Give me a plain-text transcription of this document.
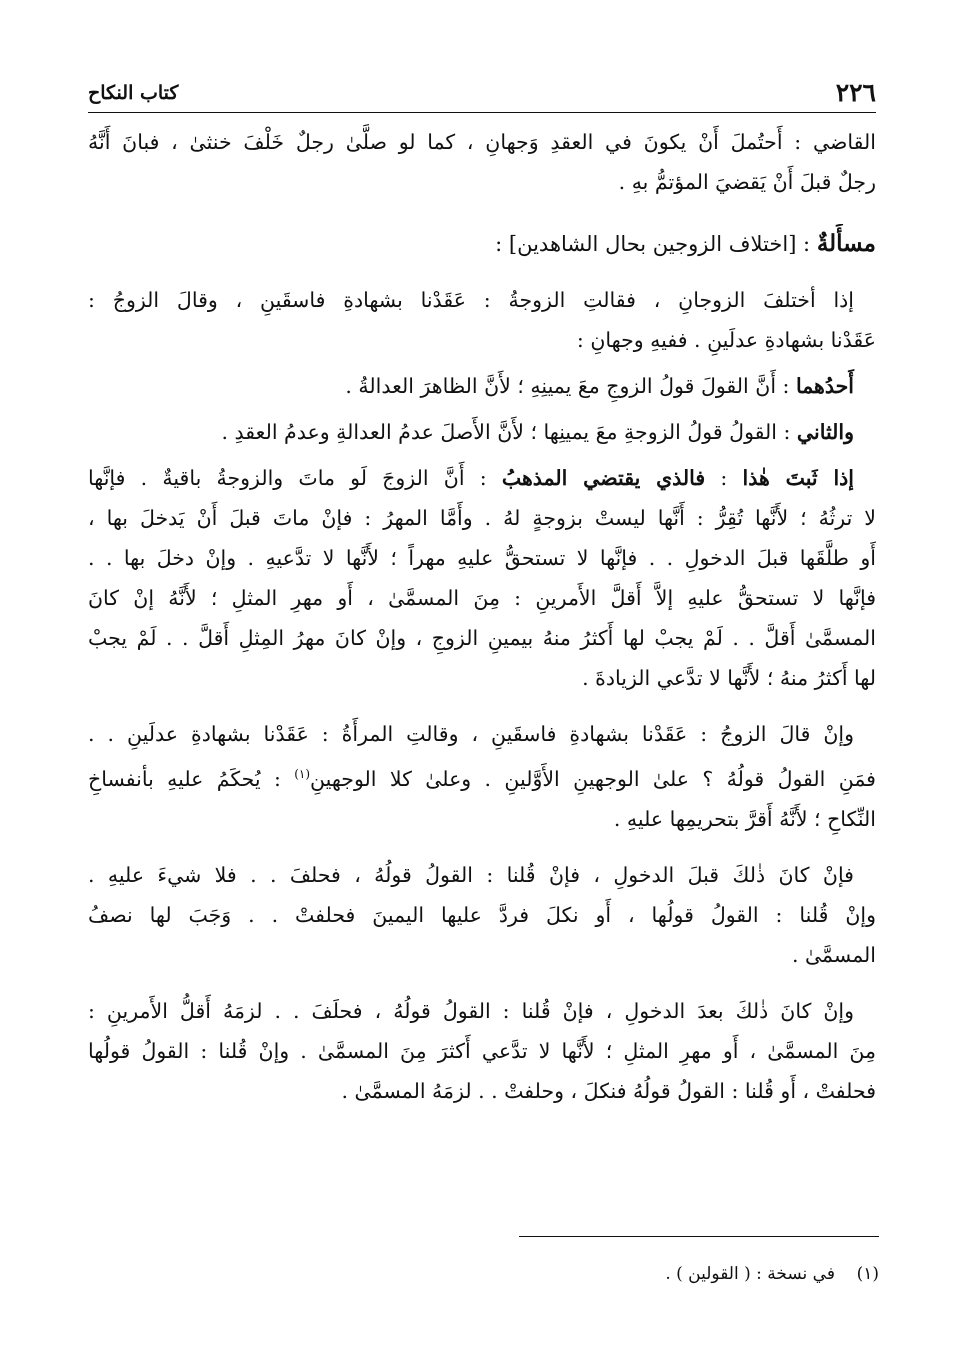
٢٢٦
كتاب النكاح
القاضي : أَحتُملَ أَنْ يكونَ في العقدِ وَجهانِ ، كما لو صلَّىٰ رجلٌ خَلْفَ خنثىٰ ، فبانَ أَنَّهُ
رجلٌ قبلَ أَنْ يَقضيَ المؤتمُّ بهِ .
مسأَلةٌ : [اختلاف الزوجين بحال الشاهدين] :
إذا أختلفَ الزوجانِ ، فقالتِ الزوجةُ : عَقَدْنا بشهادةِ فاسقَينِ ، وقالَ الزوجُ :
عَقَدْنا بشهادةِ عدلَينِ . ففيهِ وجهانِ :
أَحدُهما : أَنَّ القولَ قولُ الزوجِ معَ يمينِهِ ؛ لأَنَّ الظاهرَ العدالةُ .
والثاني : القولُ قولُ الزوجةِ معَ يمينِها ؛ لأَنَّ الأَصلَ عدمُ العدالةِ وعدمُ العقدِ .
إذا ثَبتَ هٰذا : فالذي يقتضي المذهبُ : أَنَّ الزوجَ لَو ماتَ والزوجةُ باقيةٌ . فإنَّها
لا ترثُهُ ؛ لأَنَّها تُقِرُّ : أَنَّها ليستْ بزوجةٍ لهُ . وأَمَّا المهرُ : فإنْ ماتَ قبلَ أَنْ يَدخلَ بها ،
أَو طلَّقَها قبلَ الدخولِ . . فإنَّها لا تستحقُّ عليهِ مهراً ؛ لأَنَّها لا تدَّعيهِ . وإنْ دخلَ بها . .
فإنَّها لا تستحقُّ عليهِ إلاَّ أَقلَّ الأَمرينِ : مِنَ المسمَّىٰ ، أَو مهرِ المثلِ ؛ لأَنَّهُ إنْ كانَ
المسمَّىٰ أَقلَّ . . لَمْ يجبْ لها أَكثرُ منهُ بيمينِ الزوجِ ، وإنْ كانَ مهرُ المِثلِ أَقلَّ . . لَمْ يجبْ
لها أَكثرُ منهُ ؛ لأَنَّها لا تدَّعي الزيادةَ .
وإنْ قالَ الزوجُ : عَقَدْنا بشهادةِ فاسقَينِ ، وقالتِ المرأَةُ : عَقَدْنا بشهادةِ عدلَينِ . .
فمَنِ القولُ قولُهُ ؟ علىٰ الوجهينِ الأَوَّلينِ . وعلىٰ كلا الوجهينِ$^{(١)}$ : يُحكَمُ عليهِ بأنفساخِ
النِّكاحِ ؛ لأَنَّهُ أَقرَّ بتحريمِها عليهِ .
فإنْ كانَ ذٰلكَ قبلَ الدخولِ ، فإنْ قُلنا : القولُ قولُهُ ، فحلفَ . . فلا شيءَ عليهِ .
وإنْ قُلنا : القولُ قولُها ، أَو نكلَ فردَّ عليها اليمينَ فحلفتْ . . وَجَبَ لها نصفُ
المسمَّىٰ .
وإنْ كانَ ذٰلكَ بعدَ الدخولِ ، فإنْ قُلنا : القولُ قولُهُ ، فحلَفَ . . لزمَهُ أَقلُّ الأَمرينِ :
مِنَ المسمَّىٰ ، أَو مهرِ المثلِ ؛ لأَنَّها لا تدَّعي أَكثرَ مِنَ المسمَّىٰ . وإنْ قُلنا : القولُ قولُها
فحلفتْ ، أَو قُلنا : القولُ قولُهُ فنكلَ ، وحلفتْ . . لزمَهُ المسمَّىٰ .
(١)    في نسخة : ( القولين ) .
